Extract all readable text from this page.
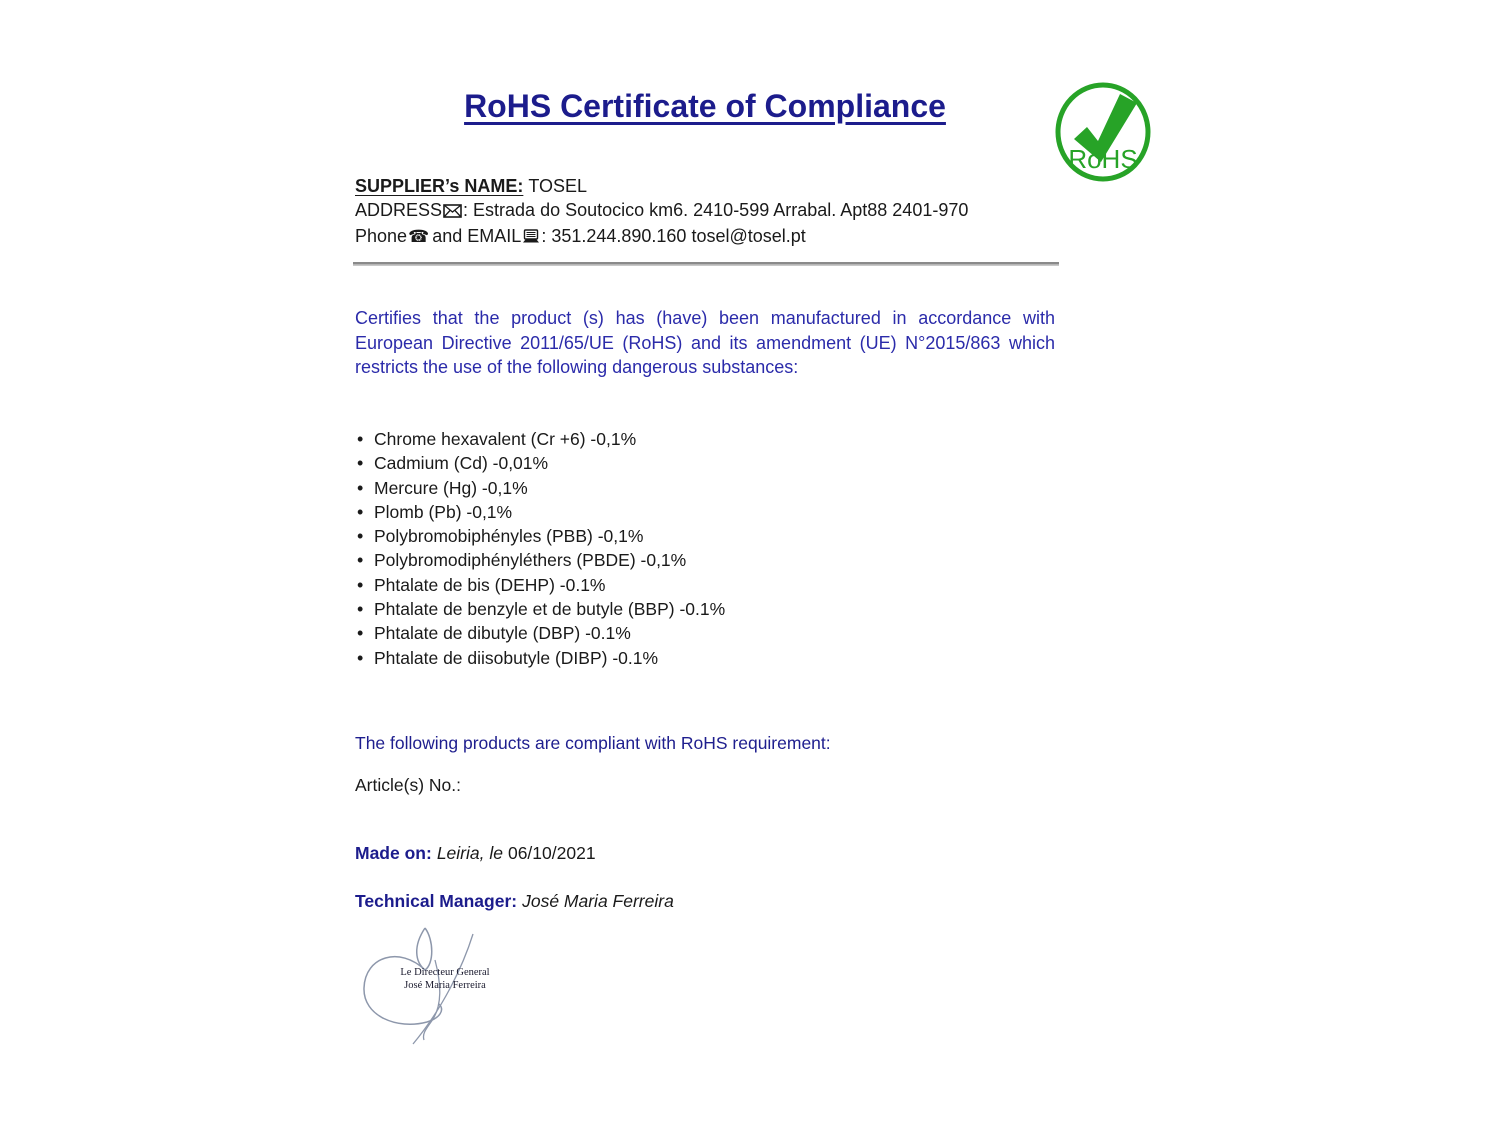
RoHS Certificate of Compliance
RoHS
SUPPLIER’s NAME: TOSEL
ADDRESS : Estrada do Soutocico km6. 2410-599 Arrabal. Apt88 2401-970
Phone☎ and EMAIL : 351.244.890.160 tosel@tosel.pt
Certifies that the product (s) has (have) been manufactured in accordance with European Directive 2011/65/UE (RoHS) and its amendment (UE) N°2015/863 which restricts the use of the following dangerous substances:
• Chrome hexavalent (Cr +6) -0,1%
• Cadmium (Cd) -0,01%
• Mercure (Hg) -0,1%
• Plomb (Pb) -0,1%
• Polybromobiphényles (PBB) -0,1%
• Polybromodiphényléthers (PBDE) -0,1%
• Phtalate de bis (DEHP) -0.1%
• Phtalate de benzyle et de butyle (BBP) -0.1%
• Phtalate de dibutyle (DBP) -0.1%
• Phtalate de diisobutyle (DIBP) -0.1%
The following products are compliant with RoHS requirement:
Article(s) No.:
Made on: Leiria, le 06/10/2021
Technical Manager: José Maria Ferreira
Le Directeur General
José Maria Ferreira
